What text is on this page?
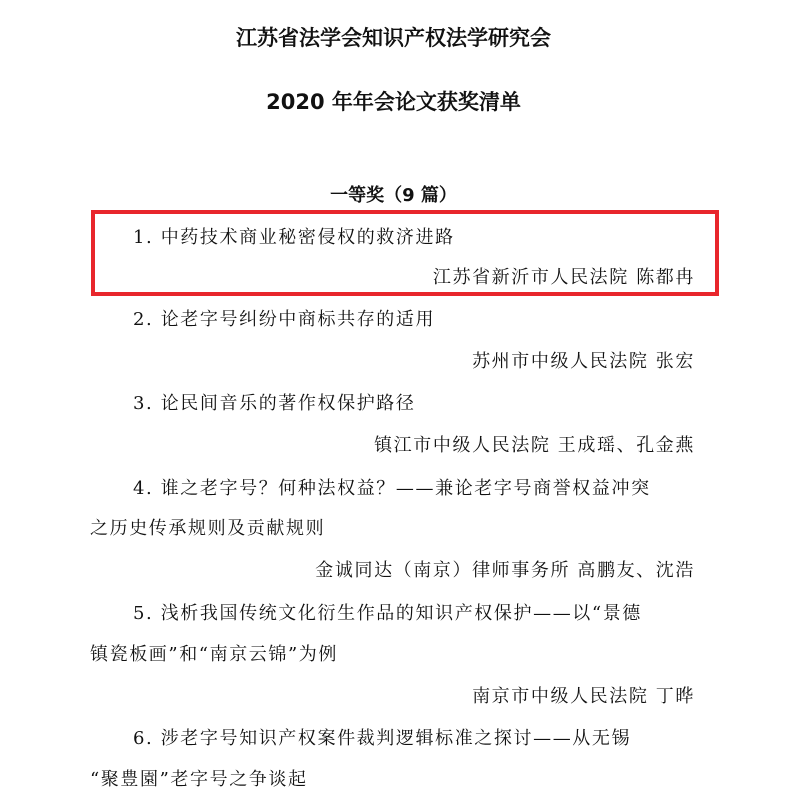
江苏省法学会知识产权法学研究会
2020 年年会论文获奖清单
一等奖（9 篇）
1. 中药技术商业秘密侵权的救济进路
江苏省新沂市人民法院 陈都冉
2. 论老字号纠纷中商标共存的适用
苏州市中级人民法院 张宏
3. 论民间音乐的著作权保护路径
镇江市中级人民法院 王成瑶、孔金燕
4. 谁之老字号？何种法权益？——兼论老字号商誉权益冲突
之历史传承规则及贡献规则
金诚同达（南京）律师事务所 高鹏友、沈浩
5. 浅析我国传统文化衍生作品的知识产权保护——以“景德
镇瓷板画”和“南京云锦”为例
南京市中级人民法院 丁晔
6. 涉老字号知识产权案件裁判逻辑标准之探讨——从无锡
“聚豊園”老字号之争谈起
